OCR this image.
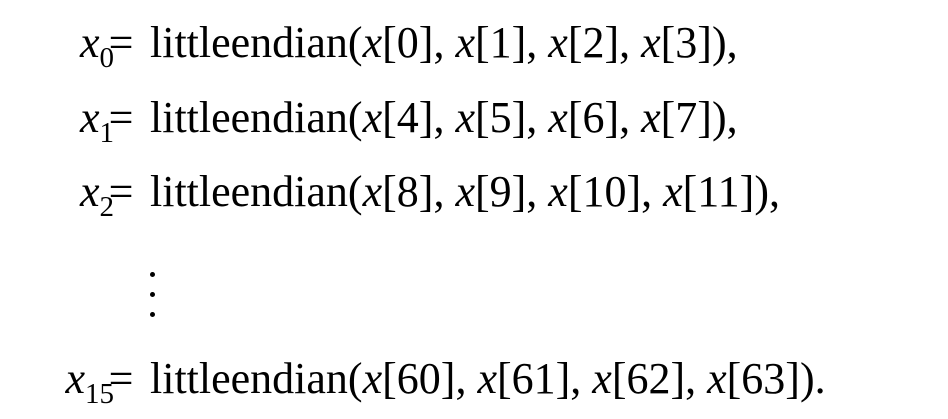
$x_0$
= littleendian(x[0], x[1], x[2], x[3]),
$x_1$
= littleendian(x[4], x[5], x[6], x[7]),
$x_2$
= littleendian(x[8], x[9], x[10], x[11]),
$x_{15}$
= littleendian(x[60], x[61], x[62], x[63]).
